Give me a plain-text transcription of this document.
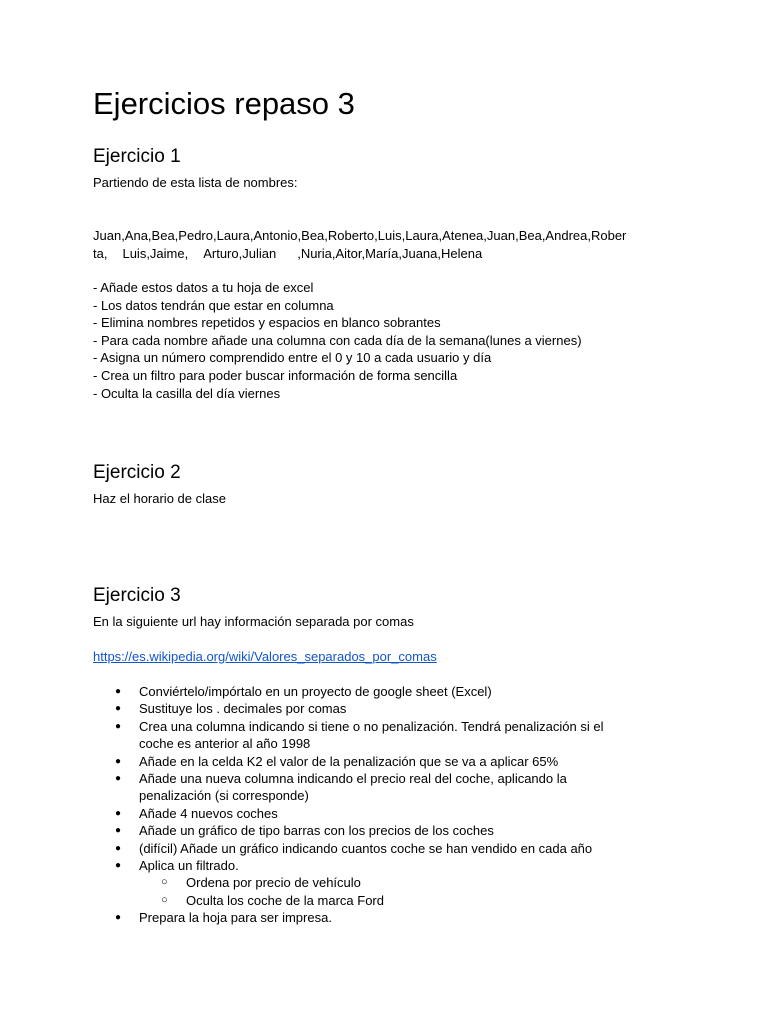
Ejercicios repaso 3
Ejercicio 1

Partiendo de esta lista de nombres:

Juan,Ana,Bea,Pedro,Laura,Antonio,Bea,Roberto,Luis,Laura,Atenea,Juan,Bea,Andrea,Rober

ta, Luis,Jaime, Arturo,Julian ,Nuria,Aitor,María,Juana,Helena

- Añade estos datos a tu hoja de excel
- Los datos tendrán que estar en columna
- Elimina nombres repetidos y espacios en blanco sobrantes
- Para cada nombre añade una columna con cada día de la semana(lunes a viernes)
- Asigna un número comprendido entre el 0 y 10 a cada usuario y día
- Crea un filtro para poder buscar información de forma sencilla
- Oculta la casilla del día viernes
Ejercicio 2

Haz el horario de clase

Ejercicio 3

En la siguiente url hay información separada por comas

https://es.wikipedia.org/wiki/Valores_separados_por_comas
● Conviértelo/impórtalo en un proyecto de google sheet (Excel)
● Sustituye los . decimales por comas
● Crea una columna indicando si tiene o no penalización. Tendrá penalización si el
coche es anterior al año 1998
● Añade en la celda K2 el valor de la penalización que se va a aplicar 65%
● Añade una nueva columna indicando el precio real del coche, aplicando la
penalización (si corresponde)
● Añade 4 nuevos coches
● Añade un gráfico de tipo barras con los precios de los coches
● (difícil) Añade un gráfico indicando cuantos coche se han vendido en cada año
● Aplica un filtrado.
○ Ordena por precio de vehículo
○ Oculta los coche de la marca Ford
● Prepara la hoja para ser impresa.
